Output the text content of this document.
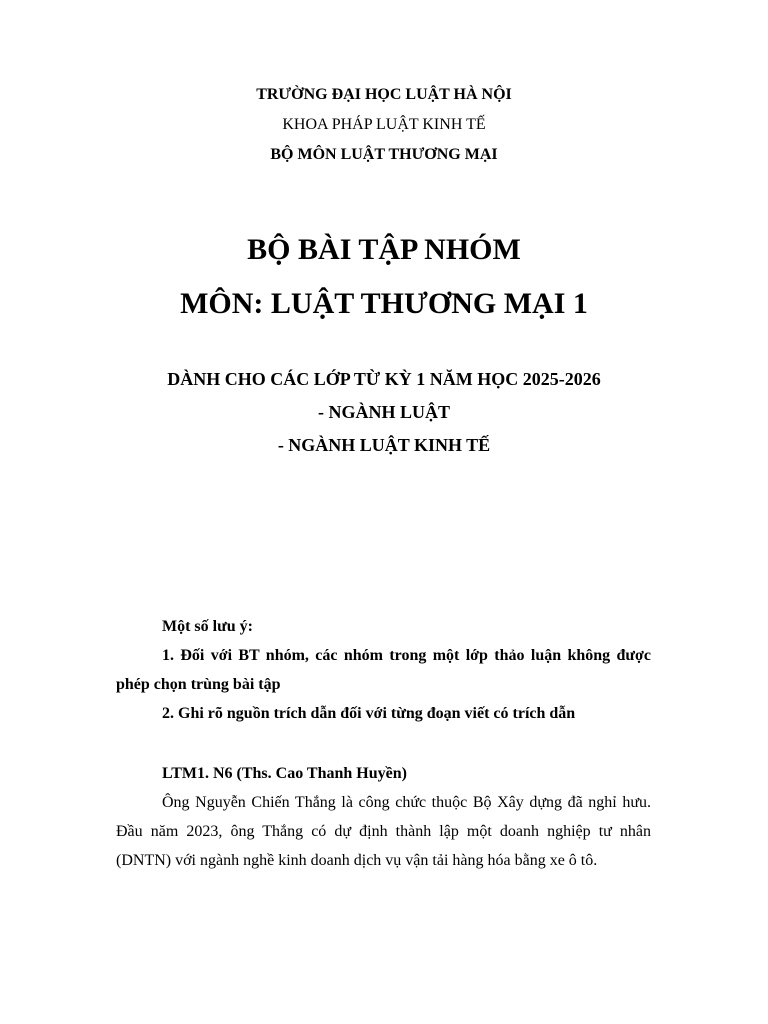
TRƯỜNG ĐẠI HỌC LUẬT HÀ NỘI
KHOA PHÁP LUẬT KINH TẾ
BỘ MÔN LUẬT THƯƠNG MẠI
BỘ BÀI TẬP NHÓM
MÔN: LUẬT THƯƠNG MẠI 1
DÀNH CHO CÁC LỚP TỪ KỲ 1 NĂM HỌC 2025-2026
- NGÀNH LUẬT
- NGÀNH LUẬT KINH TẾ
Một số lưu ý:
1. Đối với BT nhóm, các nhóm trong một lớp thảo luận không được phép chọn trùng bài tập
2. Ghi rõ nguồn trích dẫn đối với từng đoạn viết có trích dẫn
LTM1. N6 (Ths. Cao Thanh Huyền)
Ông Nguyễn Chiến Thắng là công chức thuộc Bộ Xây dựng đã nghỉ hưu. Đầu năm 2023, ông Thắng có dự định thành lập một doanh nghiệp tư nhân (DNTN) với ngành nghề kinh doanh dịch vụ vận tải hàng hóa bằng xe ô tô.
